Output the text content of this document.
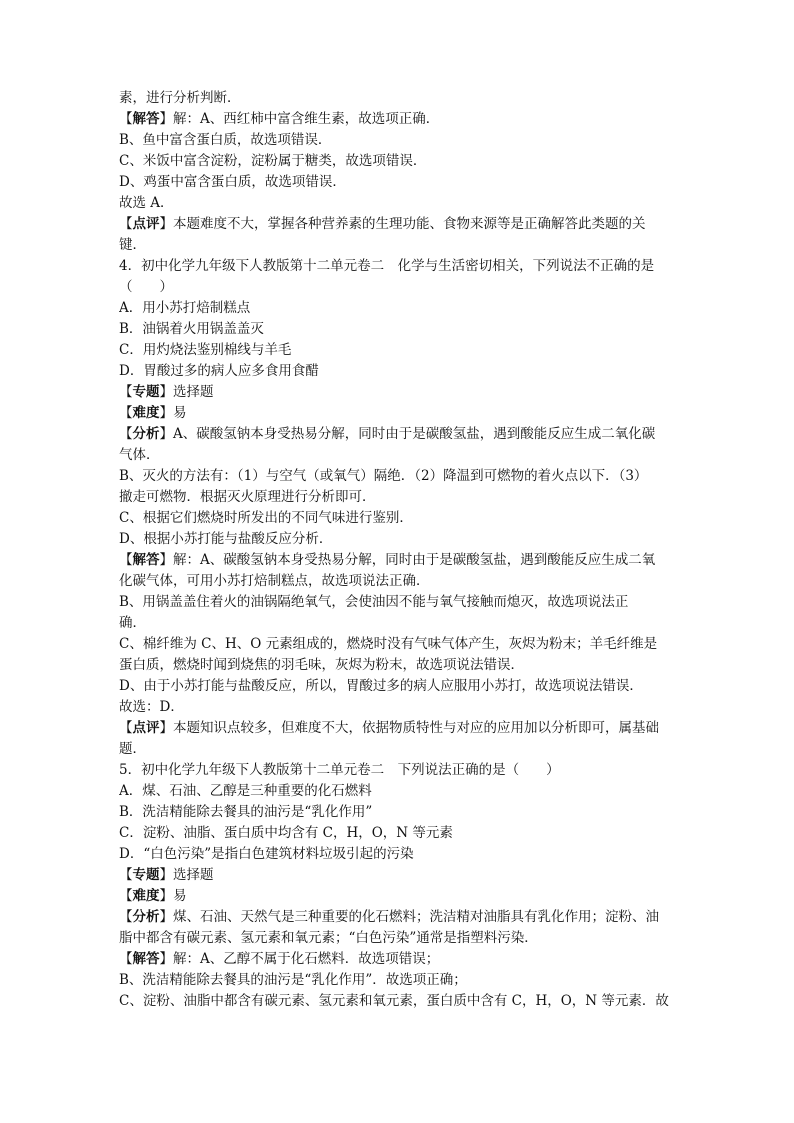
素，进行分析判断．
【解答】解：A、西红柿中富含维生素，故选项正确．
B、鱼中富含蛋白质，故选项错误．
C、米饭中富含淀粉，淀粉属于糖类，故选项错误．
D、鸡蛋中富含蛋白质，故选项错误．
故选 A．
【点评】本题难度不大，掌握各种营养素的生理功能、食物来源等是正确解答此类题的关
键．
4．初中化学九年级下人教版第十二单元卷二　化学与生活密切相关，下列说法不正确的是
（　　）
A．用小苏打焙制糕点
B．油锅着火用锅盖盖灭
C．用灼烧法鉴别棉线与羊毛
D．胃酸过多的病人应多食用食醋
【专题】选择题
【难度】易
【分析】A、碳酸氢钠本身受热易分解，同时由于是碳酸氢盐，遇到酸能反应生成二氧化碳
气体．
B、灭火的方法有：（1）与空气（或氧气）隔绝．（2）降温到可燃物的着火点以下．（3）
撤走可燃物．根据灭火原理进行分析即可．
C、根据它们燃烧时所发出的不同气味进行鉴别．
D、根据小苏打能与盐酸反应分析．
【解答】解：A、碳酸氢钠本身受热易分解，同时由于是碳酸氢盐，遇到酸能反应生成二氧
化碳气体，可用小苏打焙制糕点，故选项说法正确．
B、用锅盖盖住着火的油锅隔绝氧气，会使油因不能与氧气接触而熄灭，故选项说法正
确．
C、棉纤维为 C、H、O 元素组成的，燃烧时没有气味气体产生，灰烬为粉末；羊毛纤维是
蛋白质，燃烧时闻到烧焦的羽毛味，灰烬为粉末，故选项说法错误．
D、由于小苏打能与盐酸反应，所以，胃酸过多的病人应服用小苏打，故选项说法错误．
故选：D．
【点评】本题知识点较多，但难度不大，依据物质特性与对应的应用加以分析即可，属基础
题．
5．初中化学九年级下人教版第十二单元卷二　下列说法正确的是（　　）
A．煤、石油、乙醇是三种重要的化石燃料
B．洗洁精能除去餐具的油污是“乳化作用”
C．淀粉、油脂、蛋白质中均含有 C，H，O，N 等元素
D．“白色污染”是指白色建筑材料垃圾引起的污染
【专题】选择题
【难度】易
【分析】煤、石油、天然气是三种重要的化石燃料；洗洁精对油脂具有乳化作用；淀粉、油
脂中都含有碳元素、氢元素和氧元素；“白色污染”通常是指塑料污染．
【解答】解：A、乙醇不属于化石燃料．故选项错误；
B、洗洁精能除去餐具的油污是“乳化作用”．故选项正确；
C、淀粉、油脂中都含有碳元素、氢元素和氧元素，蛋白质中含有 C，H，O，N 等元素．故
